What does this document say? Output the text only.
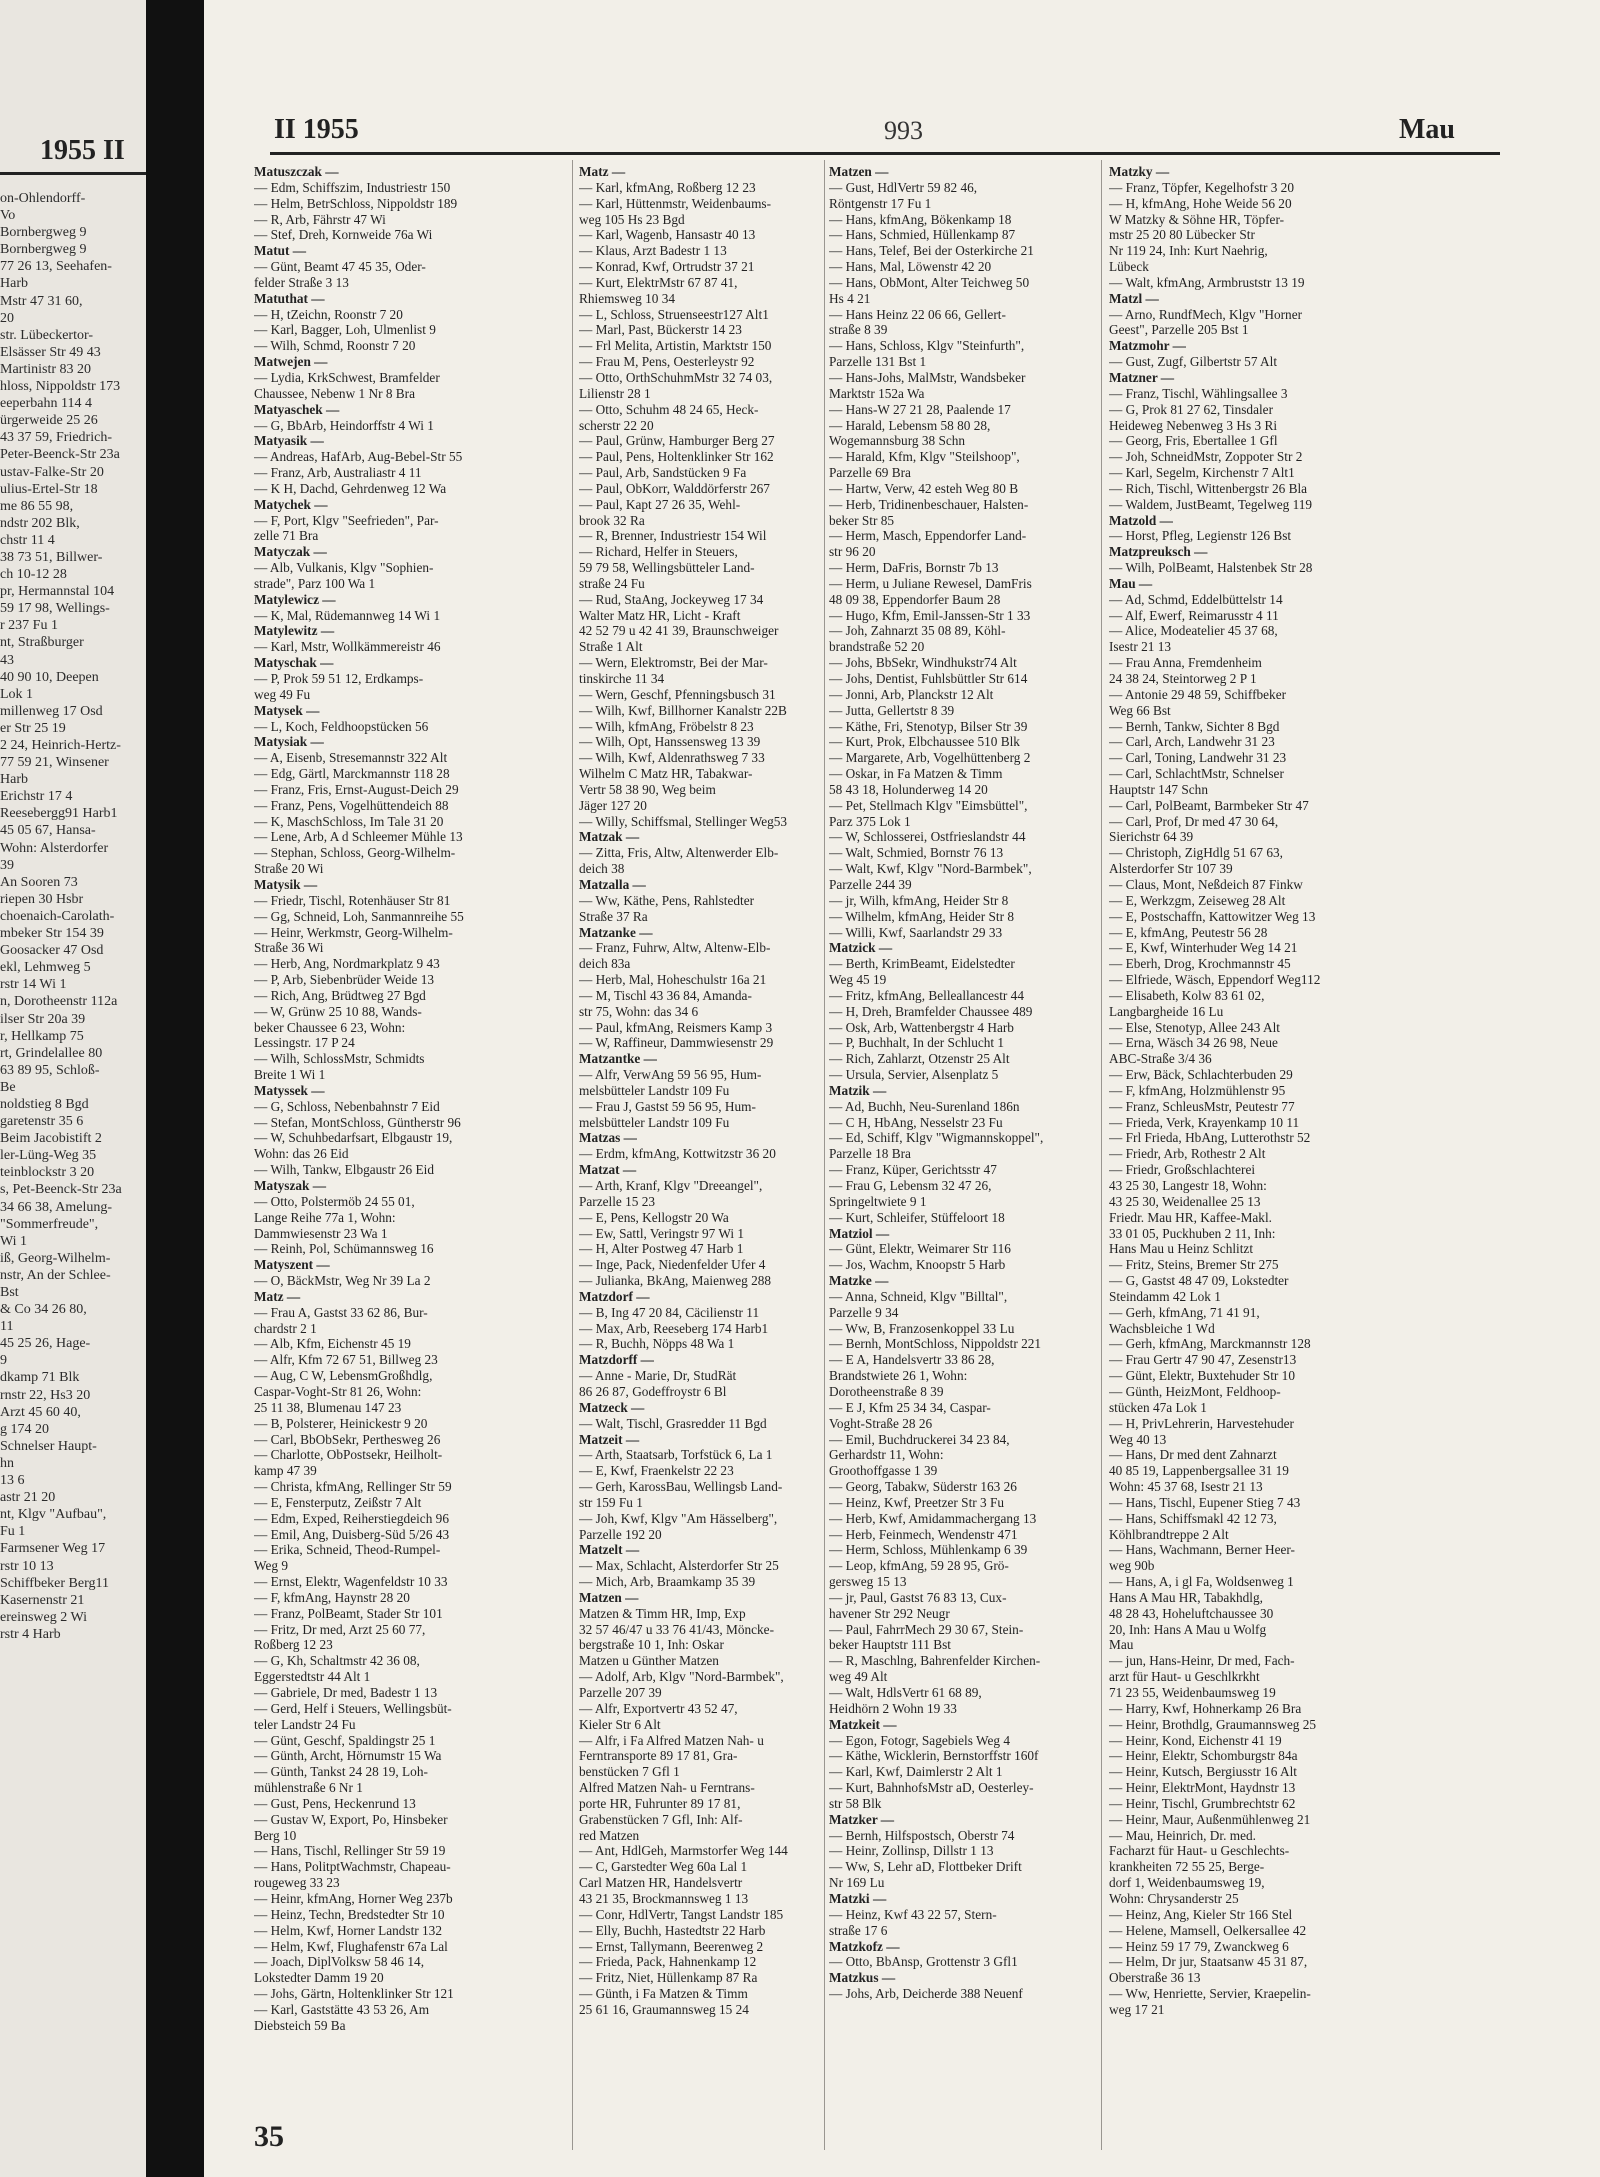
1955 II
on-Ohlendorff-
Vo
Bornbergweg 9
Bornbergweg 9
77 26 13, Seehafen-
Harb
Mstr 47 31 60,
20
str. Lübeckertor-
Elsässer Str 49 43
Martinistr 83 20
hloss, Nippoldstr 173
eeperbahn 114 4
ürgerweide 25 26
43 37 59, Friedrich-
Peter-Beenck-Str 23a
ustav-Falke-Str 20
ulius-Ertel-Str 18
me 86 55 98,
ndstr 202 Blk,
chstr 11 4
38 73 51, Billwer-
ch 10-12 28
pr, Hermannstal 104
59 17 98, Wellings-
r 237 Fu 1
nt, Straßburger
43
40 90 10, Deepen
Lok 1
millenweg 17 Osd
er Str 25 19
2 24, Heinrich-Hertz-
77 59 21, Winsener
Harb
Erichstr 17 4
Reesebergg91 Harb1
45 05 67, Hansa-
Wohn: Alsterdorfer
39
An Sooren 73
riepen 30 Hsbr
choenaich-Carolath-
mbeker Str 154 39
Goosacker 47 Osd
ekl, Lehmweg 5
rstr 14 Wi 1
n, Dorotheenstr 112a
ilser Str 20a 39
r, Hellkamp 75
rt, Grindelallee 80
63 89 95, Schloß-
Be
noldstieg 8 Bgd
garetenstr 35 6
Beim Jacobistift 2
ler-Lüng-Weg 35
teinblockstr 3 20
s, Pet-Beenck-Str 23a
34 66 38, Amelung-
"Sommerfreude",
Wi 1
iß, Georg-Wilhelm-
nstr, An der Schlee-
Bst
& Co 34 26 80,
11
45 25 26, Hage-
9
dkamp 71 Blk
rnstr 22, Hs3 20
Arzt 45 60 40,
g 174 20
Schnelser Haupt-
hn
13 6
astr 21 20
nt, Klgv "Aufbau",
Fu 1
Farmsener Weg 17
rstr 10 13
Schiffbeker Berg11
Kasernenstr 21
ereinsweg 2 Wi
rstr 4 Harb
II 1955	993	Mau
Matuszczak —
— Edm, Schiffszim, Industriestr 150
— Helm, BetrSchloss, Nippoldstr 189
— R, Arb, Fährstr 47 Wi
— Stef, Dreh, Kornweide 76a Wi
Matut —
— Günt, Beamt 47 45 35, Oder-
felder Straße 3 13
Matuthat —
— H, tZeichn, Roonstr 7 20
— Karl, Bagger, Loh, Ulmenlist 9
— Wilh, Schmd, Roonstr 7 20
Matwejen —
— Lydia, KrkSchwest, Bramfelder
Chaussee, Nebenw 1 Nr 8 Bra
Matyaschek —
— G, BbArb, Heindorffstr 4 Wi 1
Matyasik —
— Andreas, HafArb, Aug-Bebel-Str 55
— Franz, Arb, Australiastr 4 11
— K H, Dachd, Gehrdenweg 12 Wa
Matychek —
— F, Port, Klgv "Seefrieden", Par-
zelle 71 Bra
Matyczak —
— Alb, Vulkanis, Klgv "Sophien-
strade", Parz 100 Wa 1
Matylewicz —
— K, Mal, Rüdemannweg 14 Wi 1
Matylewitz —
— Karl, Mstr, Wollkämmereistr 46
Matyschak —
— P, Prok 59 51 12, Erdkamps-
weg 49 Fu
Matysek —
— L, Koch, Feldhoopstücken 56
Matysiak —
— A, Eisenb, Stresemannstr 322 Alt
— Edg, Gärtl, Marckmannstr 118 28
— Franz, Fris, Ernst-August-Deich 29
— Franz, Pens, Vogelhüttendeich 88
— K, MaschSchloss, Im Tale 31 20
— Lene, Arb, A d Schleemer Mühle 13
— Stephan, Schloss, Georg-Wilhelm-
Straße 20 Wi
Matysik —
— Friedr, Tischl, Rotenhäuser Str 81
— Gg, Schneid, Loh, Sanmannreihe 55
— Heinr, Werkmstr, Georg-Wilhelm-
Straße 36 Wi
— Herb, Ang, Nordmarkplatz 9 43
— P, Arb, Siebenbrüder Weide 13
— Rich, Ang, Brüdtweg 27 Bgd
— W, Grünw 25 10 88, Wands-
beker Chaussee 6 23, Wohn:
Lessingstr. 17 P 24
— Wilh, SchlossMstr, Schmidts
Breite 1 Wi 1
Matyssek —
— G, Schloss, Nebenbahnstr 7 Eid
— Stefan, MontSchloss, Güntherstr 96
— W, Schuhbedarfsart, Elbgaustr 19,
Wohn: das 26 Eid
— Wilh, Tankw, Elbgaustr 26 Eid
Matyszak —
— Otto, Polstermöb 24 55 01,
Lange Reihe 77a 1, Wohn:
Dammwiesenstr 23 Wa 1
— Reinh, Pol, Schümannsweg 16
Matyszent —
— O, BäckMstr, Weg Nr 39 La 2
Matz —
— Frau A, Gastst 33 62 86, Bur-
chardstr 2 1
— Alb, Kfm, Eichenstr 45 19
— Alfr, Kfm 72 67 51, Billweg 23
— Aug, C W, LebensmGroßhdlg,
Caspar-Voght-Str 81 26, Wohn:
25 11 38, Blumenau 147 23
— B, Polsterer, Heinickestr 9 20
— Carl, BbObSekr, Perthesweg 26
— Charlotte, ObPostsekr, Heilholt-
kamp 47 39
— Christa, kfmAng, Rellinger Str 59
— E, Fensterputz, Zeißstr 7 Alt
— Edm, Exped, Reiherstiegdeich 96
— Emil, Ang, Duisberg-Süd 5/26 43
— Erika, Schneid, Theod-Rumpel-
Weg 9
— Ernst, Elektr, Wagenfeldstr 10 33
— F, kfmAng, Haynstr 28 20
— Franz, PolBeamt, Stader Str 101
— Fritz, Dr med, Arzt 25 60 77,
Roßberg 12 23
— G, Kh, Schaltmstr 42 36 08,
Eggerstedtstr 44 Alt 1
— Gabriele, Dr med, Badestr 1 13
— Gerd, Helf i Steuers, Wellingsbüt-
teler Landstr 24 Fu
— Günt, Geschf, Spaldingstr 25 1
— Günth, Archt, Hörnumstr 15 Wa
— Günth, Tankst 24 28 19, Loh-
mühlenstraße 6 Nr 1
— Gust, Pens, Heckenrund 13
— Gustav W, Export, Po, Hinsbeker
Berg 10
— Hans, Tischl, Rellinger Str 59 19
— Hans, PolitptWachmstr, Chapeau-
rougeweg 33 23
— Heinr, kfmAng, Horner Weg 237b
— Heinz, Techn, Bredstedter Str 10
— Helm, Kwf, Horner Landstr 132
— Helm, Kwf, Flughafenstr 67a Lal
— Joach, DiplVolksw 58 46 14,
Lokstedter Damm 19 20
— Johs, Gärtn, Holtenklinker Str 121
— Karl, Gaststätte 43 53 26, Am
Diebsteich 59 Ba
Matz —
— Karl, kfmAng, Roßberg 12 23
— Karl, Hüttenmstr, Weidenbaums-
weg 105 Hs 23 Bgd
— Karl, Wagenb, Hansastr 40 13
— Klaus, Arzt Badestr 1 13
— Konrad, Kwf, Ortrudstr 37 21
— Kurt, ElektrMstr 67 87 41,
Rhiemsweg 10 34
— L, Schloss, Struenseestr127 Alt1
— Marl, Past, Bückerstr 14 23
— Frl Melita, Artistin, Marktstr 150
— Frau M, Pens, Oesterleystr 92
— Otto, OrthSchuhmMstr 32 74 03,
Lilienstr 28 1
— Otto, Schuhm 48 24 65, Heck-
scherstr 22 20
— Paul, Grünw, Hamburger Berg 27
— Paul, Pens, Holtenklinker Str 162
— Paul, Arb, Sandstücken 9 Fa
— Paul, ObKorr, Walddörferstr 267
— Paul, Kapt 27 26 35, Wehl-
brook 32 Ra
— R, Brenner, Industriestr 154 Wil
— Richard, Helfer in Steuers,
59 79 58, Wellingsbütteler Land-
straße 24 Fu
— Rud, StaAng, Jockeyweg 17 34
Walter Matz HR, Licht - Kraft
42 52 79 u 42 41 39, Braunschweiger
Straße 1 Alt
— Wern, Elektromstr, Bei der Mar-
tinskirche 11 34
— Wern, Geschf, Pfenningsbusch 31
— Wilh, Kwf, Billhorner Kanalstr 22B
— Wilh, kfmAng, Fröbelstr 8 23
— Wilh, Opt, Hanssensweg 13 39
— Wilh, Kwf, Aldenrathsweg 7 33
Wilhelm C Matz HR, Tabakwar-
Vertr 58 38 90, Weg beim
Jäger 127 20
— Willy, Schiffsmal, Stellinger Weg53
Matzak —
— Zitta, Fris, Altw, Altenwerder Elb-
deich 38
Matzalla —
— Ww, Käthe, Pens, Rahlstedter
Straße 37 Ra
Matzanke —
— Franz, Fuhrw, Altw, Altenw-Elb-
deich 83a
— Herb, Mal, Hoheschulstr 16a 21
— M, Tischl 43 36 84, Amanda-
str 75, Wohn: das 34 6
— Paul, kfmAng, Reismers Kamp 3
— W, Raffineur, Dammwiesenstr 29
Matzantke —
— Alfr, VerwAng 59 56 95, Hum-
melsbütteler Landstr 109 Fu
— Frau J, Gastst 59 56 95, Hum-
melsbütteler Landstr 109 Fu
Matzas —
— Erdm, kfmAng, Kottwitzstr 36 20
Matzat —
— Arth, Kranf, Klgv "Dreeangel",
Parzelle 15 23
— E, Pens, Kellogstr 20 Wa
— Ew, Sattl, Veringstr 97 Wi 1
— H, Alter Postweg 47 Harb 1
— Inge, Pack, Niedenfelder Ufer 4
— Julianka, BkAng, Maienweg 288
Matzdorf —
— B, Ing 47 20 84, Cäcilienstr 11
— Max, Arb, Reeseberg 174 Harb1
— R, Buchh, Nöpps 48 Wa 1
Matzdorff —
— Anne - Marie, Dr, StudRät
86 26 87, Godeffroystr 6 Bl
Matzeck —
— Walt, Tischl, Grasredder 11 Bgd
Matzeit —
— Arth, Staatsarb, Torfstück 6, La 1
— E, Kwf, Fraenkelstr 22 23
— Gerh, KarossBau, Wellingsb Land-
str 159 Fu 1
— Joh, Kwf, Klgv "Am Hässelberg",
Parzelle 192 20
Matzelt —
— Max, Schlacht, Alsterdorfer Str 25
— Mich, Arb, Braamkamp 35 39
Matzen —
Matzen & Timm HR, Imp, Exp
32 57 46/47 u 33 76 41/43, Möncke-
bergstraße 10 1, Inh: Oskar
Matzen u Günther Matzen
— Adolf, Arb, Klgv "Nord-Barmbek",
Parzelle 207 39
— Alfr, Exportvertr 43 52 47,
Kieler Str 6 Alt
— Alfr, i Fa Alfred Matzen Nah- u
Ferntransporte 89 17 81, Gra-
benstücken 7 Gfl 1
Alfred Matzen Nah- u Ferntrans-
porte HR, Fuhrunter 89 17 81,
Grabenstücken 7 Gfl, Inh: Alf-
red Matzen
— Ant, HdlGeh, Marmstorfer Weg 144
— C, Garstedter Weg 60a Lal 1
Carl Matzen HR, Handelsvertr
43 21 35, Brockmannsweg 1 13
— Conr, HdlVertr, Tangst Landstr 185
— Elly, Buchh, Hastedtstr 22 Harb
— Ernst, Tallymann, Beerenweg 2
— Frieda, Pack, Hahnenkamp 12
— Fritz, Niet, Hüllenkamp 87 Ra
— Günth, i Fa Matzen & Timm
25 61 16, Graumannsweg 15 24
Matzen —
— Gust, HdlVertr 59 82 46,
Röntgenstr 17 Fu 1
— Hans, kfmAng, Bökenkamp 18
— Hans, Schmied, Hüllenkamp 87
— Hans, Telef, Bei der Osterkirche 21
— Hans, Mal, Löwenstr 42 20
— Hans, ObMont, Alter Teichweg 50
Hs 4 21
— Hans Heinz 22 06 66, Gellert-
straße 8 39
— Hans, Schloss, Klgv "Steinfurth",
Parzelle 131 Bst 1
— Hans-Johs, MalMstr, Wandsbeker
Marktstr 152a Wa
— Hans-W 27 21 28, Paalende 17
— Harald, Lebensm 58 80 28,
Wogemannsburg 38 Schn
— Harald, Kfm, Klgv "Steilshoop",
Parzelle 69 Bra
— Hartw, Verw, 42 esteh Weg 80 B
— Herb, Tridinenbeschauer, Halsten-
beker Str 85
— Herm, Masch, Eppendorfer Land-
str 96 20
— Herm, DaFris, Bornstr 7b 13
— Herm, u Juliane Rewesel, DamFris
48 09 38, Eppendorfer Baum 28
— Hugo, Kfm, Emil-Janssen-Str 1 33
— Joh, Zahnarzt 35 08 89, Köhl-
brandstraße 52 20
— Johs, BbSekr, Windhukstr74 Alt
— Johs, Dentist, Fuhlsbüttler Str 614
— Jonni, Arb, Planckstr 12 Alt
— Jutta, Gellertstr 8 39
— Käthe, Fri, Stenotyp, Bilser Str 39
— Kurt, Prok, Elbchaussee 510 Blk
— Margarete, Arb, Vogelhüttenberg 2
— Oskar, in Fa Matzen & Timm
58 43 18, Holunderweg 14 20
— Pet, Stellmach Klgv "Eimsbüttel",
Parz 375 Lok 1
— W, Schlosserei, Ostfrieslandstr 44
— Walt, Schmied, Bornstr 76 13
— Walt, Kwf, Klgv "Nord-Barmbek",
Parzelle 244 39
— jr, Wilh, kfmAng, Heider Str 8
— Wilhelm, kfmAng, Heider Str 8
— Willi, Kwf, Saarlandstr 29 33
Matzick —
— Berth, KrimBeamt, Eidelstedter
Weg 45 19
— Fritz, kfmAng, Belleallancestr 44
— H, Dreh, Bramfelder Chaussee 489
— Osk, Arb, Wattenbergstr 4 Harb
— P, Buchhalt, In der Schlucht 1
— Rich, Zahlarzt, Otzenstr 25 Alt
— Ursula, Servier, Alsenplatz 5
Matzik —
— Ad, Buchh, Neu-Surenland 186n
— C H, HbAng, Nesselstr 23 Fu
— Ed, Schiff, Klgv "Wigmannskoppel",
Parzelle 18 Bra
— Franz, Küper, Gerichtsstr 47
— Frau G, Lebensm 32 47 26,
Springeltwiete 9 1
— Kurt, Schleifer, Stüffeloort 18
Matziol —
— Günt, Elektr, Weimarer Str 116
— Jos, Wachm, Knoopstr 5 Harb
Matzke —
— Anna, Schneid, Klgv "Billtal",
Parzelle 9 34
— Ww, B, Franzosenkoppel 33 Lu
— Bernh, MontSchloss, Nippoldstr 221
— E A, Handelsvertr 33 86 28,
Brandstwiete 26 1, Wohn:
Dorotheenstraße 8 39
— E J, Kfm 25 34 34, Caspar-
Voght-Straße 28 26
— Emil, Buchdruckerei 34 23 84,
Gerhardstr 11, Wohn:
Groothoffgasse 1 39
— Georg, Tabakw, Süderstr 163 26
— Heinz, Kwf, Preetzer Str 3 Fu
— Herb, Kwf, Amidammachergang 13
— Herb, Feinmech, Wendenstr 471
— Herm, Schloss, Mühlenkamp 6 39
— Leop, kfmAng, 59 28 95, Grö-
gersweg 15 13
— jr, Paul, Gastst 76 83 13, Cux-
havener Str 292 Neugr
— Paul, FahrrMech 29 30 67, Stein-
beker Hauptstr 111 Bst
— R, Maschlng, Bahrenfelder Kirchen-
weg 49 Alt
— Walt, HdlsVertr 61 68 89,
Heidhörn 2 Wohn 19 33
Matzkeit —
— Egon, Fotogr, Sagebiels Weg 4
— Käthe, Wicklerin, Bernstorffstr 160f
— Karl, Kwf, Daimlerstr 2 Alt 1
— Kurt, BahnhofsMstr aD, Oesterley-
str 58 Blk
Matzker —
— Bernh, Hilfspostsch, Oberstr 74
— Heinr, Zollinsp, Dillstr 1 13
— Ww, S, Lehr aD, Flottbeker Drift
Nr 169 Lu
Matzki —
— Heinz, Kwf 43 22 57, Stern-
straße 17 6
Matzkofz —
— Otto, BbAnsp, Grottenstr 3 Gfl1
Matzkus —
— Johs, Arb, Deicherde 388 Neuenf
Matzky —
— Franz, Töpfer, Kegelhofstr 3 20
— H, kfmAng, Hohe Weide 56 20
W Matzky & Söhne HR, Töpfer-
mstr 25 20 80 Lübecker Str
Nr 119 24, Inh: Kurt Naehrig,
Lübeck
— Walt, kfmAng, Armbruststr 13 19
Matzl —
— Arno, RundfMech, Klgv "Horner
Geest", Parzelle 205 Bst 1
Matzmohr —
— Gust, Zugf, Gilbertstr 57 Alt
Matzner —
— Franz, Tischl, Wählingsallee 3
— G, Prok 81 27 62, Tinsdaler
Heideweg Nebenweg 3 Hs 3 Ri
— Georg, Fris, Ebertallee 1 Gfl
— Joh, SchneidMstr, Zoppoter Str 2
— Karl, Segelm, Kirchenstr 7 Alt1
— Rich, Tischl, Wittenbergstr 26 Bla
— Waldem, JustBeamt, Tegelweg 119
Matzold —
— Horst, Pfleg, Legienstr 126 Bst
Matzpreuksch —
— Wilh, PolBeamt, Halstenbek Str 28
Mau —
— Ad, Schmd, Eddelbüttelstr 14
— Alf, Ewerf, Reimarusstr 4 11
— Alice, Modeatelier 45 37 68,
Isestr 21 13
— Frau Anna, Fremdenheim
24 38 24, Steintorweg 2 P 1
— Antonie 29 48 59, Schiffbeker
Weg 66 Bst
— Bernh, Tankw, Sichter 8 Bgd
— Carl, Arch, Landwehr 31 23
— Carl, Toning, Landwehr 31 23
— Carl, SchlachtMstr, Schnelser
Hauptstr 147 Schn
— Carl, PolBeamt, Barmbeker Str 47
— Carl, Prof, Dr med 47 30 64,
Sierichstr 64 39
— Christoph, ZigHdlg 51 67 63,
Alsterdorfer Str 107 39
— Claus, Mont, Neßdeich 87 Finkw
— E, Werkzgm, Zeiseweg 28 Alt
— E, Postschaffn, Kattowitzer Weg 13
— E, kfmAng, Peutestr 56 28
— E, Kwf, Winterhuder Weg 14 21
— Eberh, Drog, Krochmannstr 45
— Elfriede, Wäsch, Eppendorf Weg112
— Elisabeth, Kolw 83 61 02,
Langbargheide 16 Lu
— Else, Stenotyp, Allee 243 Alt
— Erna, Wäsch 34 26 98, Neue
ABC-Straße 3/4 36
— Erw, Bäck, Schlachterbuden 29
— F, kfmAng, Holzmühlenstr 95
— Franz, SchleusMstr, Peutestr 77
— Frieda, Verk, Krayenkamp 10 11
— Frl Frieda, HbAng, Lutterothstr 52
— Friedr, Arb, Rothestr 2 Alt
— Friedr, Großschlachterei
43 25 30, Langestr 18, Wohn:
43 25 30, Weidenallee 25 13
Friedr. Mau HR, Kaffee-Makl.
33 01 05, Puckhuben 2 11, Inh:
Hans Mau u Heinz Schlitzt
— Fritz, Steins, Bremer Str 275
— G, Gastst 48 47 09, Lokstedter
Steindamm 42 Lok 1
— Gerh, kfmAng, 71 41 91,
Wachsbleiche 1 Wd
— Gerh, kfmAng, Marckmannstr 128
— Frau Gertr 47 90 47, Zesenstr13
— Günt, Elektr, Buxtehuder Str 10
— Günth, HeizMont, Feldhoop-
stücken 47a Lok 1
— H, PrivLehrerin, Harvestehuder
Weg 40 13
— Hans, Dr med dent Zahnarzt
40 85 19, Lappenbergsallee 31 19
Wohn: 45 37 68, Isestr 21 13
— Hans, Tischl, Eupener Stieg 7 43
— Hans, Schiffsmakl 42 12 73,
Köhlbrandtreppe 2 Alt
— Hans, Wachmann, Berner Heer-
weg 90b
— Hans, A, i gl Fa, Woldsenweg 1
Hans A Mau HR, Tabakhdlg,
48 28 43, Hoheluftchaussee 30
20, Inh: Hans A Mau u Wolfg
Mau
— jun, Hans-Heinr, Dr med, Fach-
arzt für Haut- u Geschlkrkht
71 23 55, Weidenbaumsweg 19
— Harry, Kwf, Hohnerkamp 26 Bra
— Heinr, Brothdlg, Graumannsweg 25
— Heinr, Kond, Eichenstr 41 19
— Heinr, Elektr, Schomburgstr 84a
— Heinr, Kutsch, Bergiusstr 16 Alt
— Heinr, ElektrMont, Haydnstr 13
— Heinr, Tischl, Grumbrechtstr 62
— Heinr, Maur, Außenmühlenweg 21
— Mau, Heinrich, Dr. med.
Facharzt für Haut- u Geschlechts-
krankheiten 72 55 25, Berge-
dorf 1, Weidenbaumsweg 19,
Wohn: Chrysanderstr 25
— Heinz, Ang, Kieler Str 166 Stel
— Helene, Mamsell, Oelkersallee 42
— Heinz 59 17 79, Zwanckweg 6
— Helm, Dr jur, Staatsanw 45 31 87,
Oberstraße 36 13
— Ww, Henriette, Servier, Kraepelin-
weg 17 21
35
